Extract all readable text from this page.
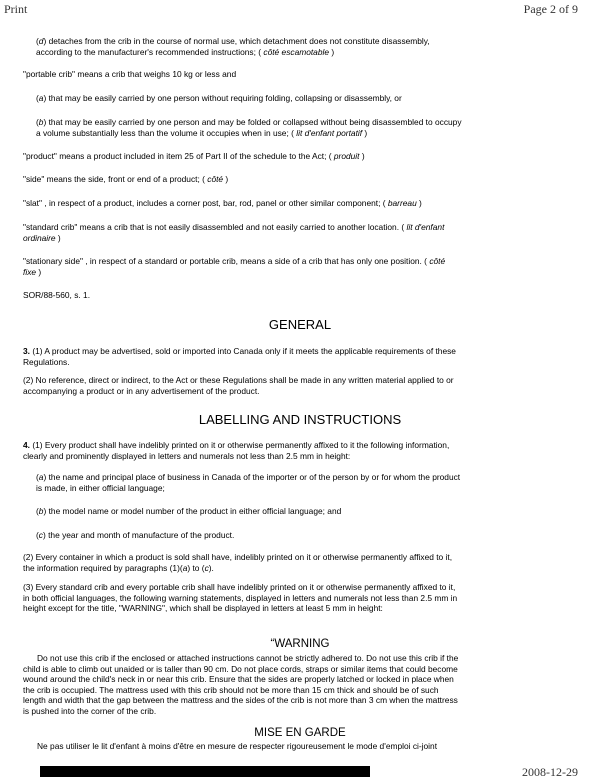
Print	Page 2 of 9

(d) detaches from the crib in the course of normal use, which detachment does not constitute disassembly, according to the manufacturer's recommended instructions; ( côté escamotable )

"portable crib" means a crib that weighs 10 kg or less and

(a) that may be easily carried by one person without requiring folding, collapsing or disassembly, or

(b) that may be easily carried by one person and may be folded or collapsed without being disassembled to occupy a volume substantially less than the volume it occupies when in use; ( lit d'enfant portatif )

"product" means a product included in item 25 of Part II of the schedule to the Act; ( produit )

"side" means the side, front or end of a product; ( côté )

"slat" , in respect of a product, includes a corner post, bar, rod, panel or other similar component; ( barreau )

"standard crib" means a crib that is not easily disassembled and not easily carried to another location. ( lit d'enfant ordinaire )

"stationary side" , in respect of a standard or portable crib, means a side of a crib that has only one position. ( côté fixe )

SOR/88-560, s. 1.

GENERAL

3. (1) A product may be advertised, sold or imported into Canada only if it meets the applicable requirements of these Regulations.

(2) No reference, direct or indirect, to the Act or these Regulations shall be made in any written material applied to or accompanying a product or in any advertisement of the product.

LABELLING AND INSTRUCTIONS

4. (1) Every product shall have indelibly printed on it or otherwise permanently affixed to it the following information, clearly and prominently displayed in letters and numerals not less than 2.5 mm in height:

(a) the name and principal place of business in Canada of the importer or of the person by or for whom the product is made, in either official language;

(b) the model name or model number of the product in either official language; and

(c) the year and month of manufacture of the product.

(2) Every container in which a product is sold shall have, indelibly printed on it or otherwise permanently affixed to it, the information required by paragraphs (1)(a) to (c).

(3) Every standard crib and every portable crib shall have indelibly printed on it or otherwise permanently affixed to it, in both official languages, the following warning statements, displayed in letters and numerals not less than 2.5 mm in height except for the title, "WARNING", which shall be displayed in letters at least 5 mm in height:

“WARNING

Do not use this crib if the enclosed or attached instructions cannot be strictly adhered to. Do not use this crib if the child is able to climb out unaided or is taller than 90 cm. Do not place cords, straps or similar items that could become wound around the child's neck in or near this crib. Ensure that the sides are properly latched or locked in place when the crib is occupied. The mattress used with this crib should not be more than 15 cm thick and should be of such length and width that the gap between the mattress and the sides of the crib is not more than 3 cm when the mattress is pushed into the corner of the crib.

MISE EN GARDE

Ne pas utiliser le lit d'enfant à moins d'être en mesure de respecter rigoureusement le mode d'emploi ci-joint

2008-12-29
